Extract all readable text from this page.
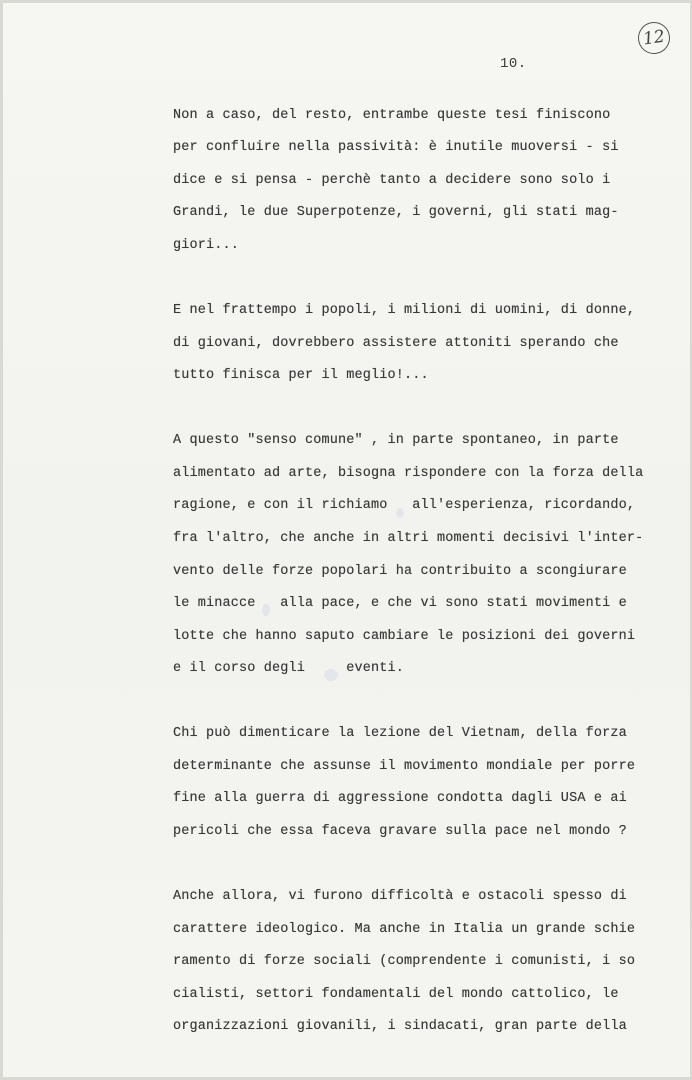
12
10.
Non a caso, del resto, entrambe queste tesi finiscono
per confluire nella passività: è inutile muoversi - si
dice e si pensa - perchè tanto a decidere sono solo i
Grandi, le due Superpotenze, i governi, gli stati mag-
giori...
E nel frattempo i popoli, i milioni di uomini, di donne,
di giovani, dovrebbero assistere attoniti sperando che
tutto finisca per il meglio!...
A questo "senso comune" , in parte spontaneo, in parte
alimentato ad arte, bisogna rispondere con la forza della
ragione, e con il richiamo   all'esperienza, ricordando,
fra l'altro, che anche in altri momenti decisivi l'inter-
vento delle forze popolari ha contribuito a scongiurare
le minacce   alla pace, e che vi sono stati movimenti e
lotte che hanno saputo cambiare le posizioni dei governi
e il corso degli     eventi.
Chi può dimenticare la lezione del Vietnam, della forza
determinante che assunse il movimento mondiale per porre
fine alla guerra di aggressione condotta dagli USA e ai
pericoli che essa faceva gravare sulla pace nel mondo ?
Anche allora, vi furono difficoltà e ostacoli spesso di
carattere ideologico. Ma anche in Italia un grande schie
ramento di forze sociali (comprendente i comunisti, i so
cialisti, settori fondamentali del mondo cattolico, le
organizzazioni giovanili, i sindacati, gran parte della
